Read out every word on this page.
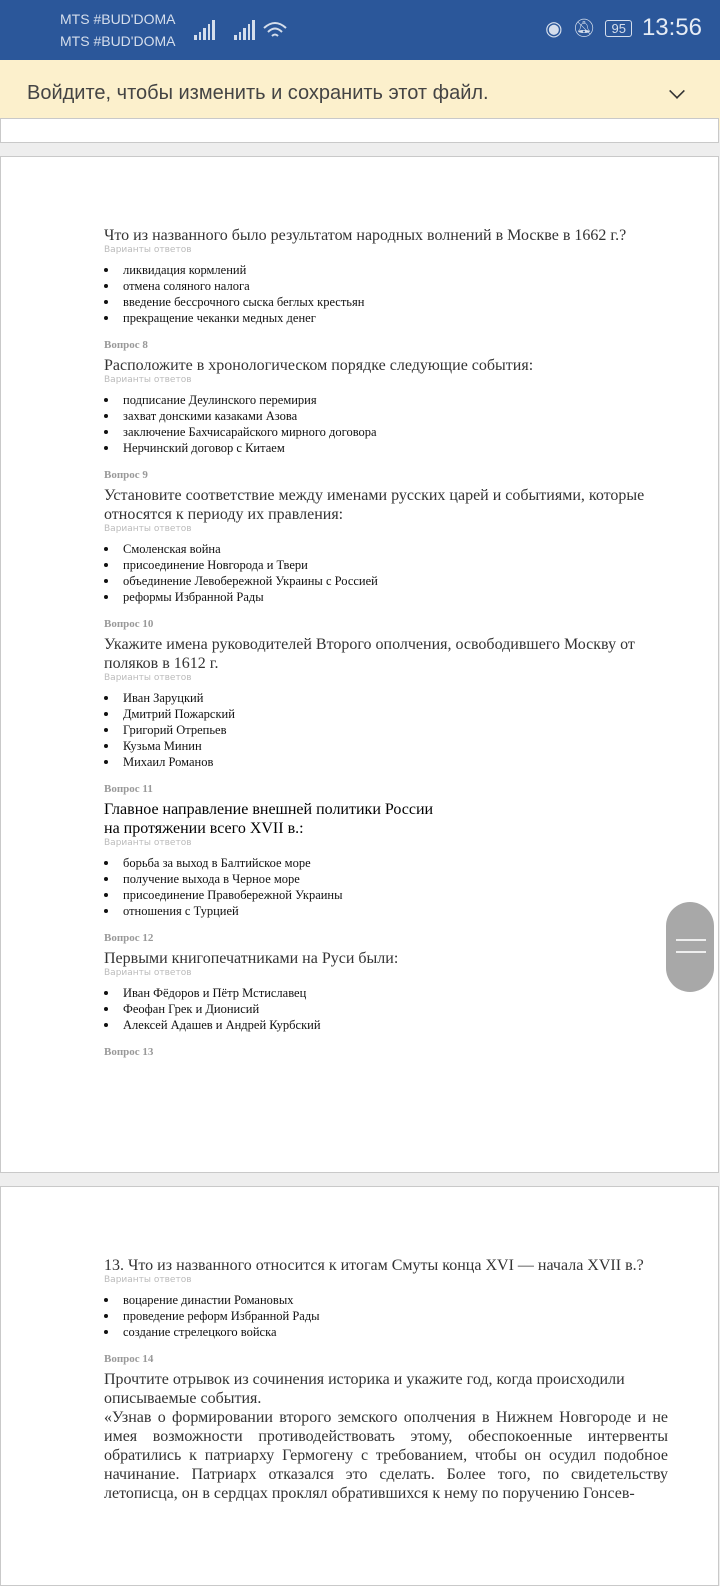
MTS #BUD'DOMA
MTS #BUD'DOMA
◉ 🔕︎	95 13:56
Войдите, чтобы изменить и сохранить этот файл.
Что из названного было результатом народных волнений в Москве в 1662 г.?
Варианты ответов
ликвидация кормлений
отмена соляного налога
введение бессрочного сыска беглых крестьян
прекращение чеканки медных денег
Вопрос 8
Расположите в хронологическом порядке следующие события:
Варианты ответов
подписание Деулинского перемирия
захват донскими казаками Азова
заключение Бахчисарайского мирного договора
Нерчинский договор с Китаем
Вопрос 9
Установите соответствие между именами русских царей и событиями, которые относятся к периоду их правления:
Варианты ответов
Смоленская война
присоединение Новгорода и Твери
объединение Левобережной Украины с Россией
реформы Избранной Рады
Вопрос 10
Укажите имена руководителей Второго ополчения, освободившего Москву от поляков в 1612 г.
Варианты ответов
Иван Заруцкий
Дмитрий Пожарский
Григорий Отрепьев
Кузьма Минин
Михаил Романов
Вопрос 11
Главное направление внешней политики России
на протяжении всего XVII в.:
Варианты ответов
борьба за выход в Балтийское море
получение выхода в Черное море
присоединение Правобережной Украины
отношения с Турцией
Вопрос 12
Первыми книгопечатниками на Руси были:
Варианты ответов
Иван Фёдоров и Пётр Мстиславец
Феофан Грек и Дионисий
Алексей Адашев и Андрей Курбский
Вопрос 13
13. Что из названного относится к итогам Смуты конца XVI — начала XVII в.?
Варианты ответов
воцарение династии Романовых
проведение реформ Избранной Рады
создание стрелецкого войска
Вопрос 14
Прочтите отрывок из сочинения историка и укажите год, когда происходили описываемые события.
«Узнав о формировании второго земского ополчения в Нижнем Новгороде и не имея возможности противодействовать этому, обеспокоенные интервенты обратились к патриарху Гермогену с требованием, чтобы он осудил подобное начинание. Патриарх отказался это сделать. Более того, по свидетельству летописца, он в сердцах проклял обратившихся к нему по поручению Гонсев-
